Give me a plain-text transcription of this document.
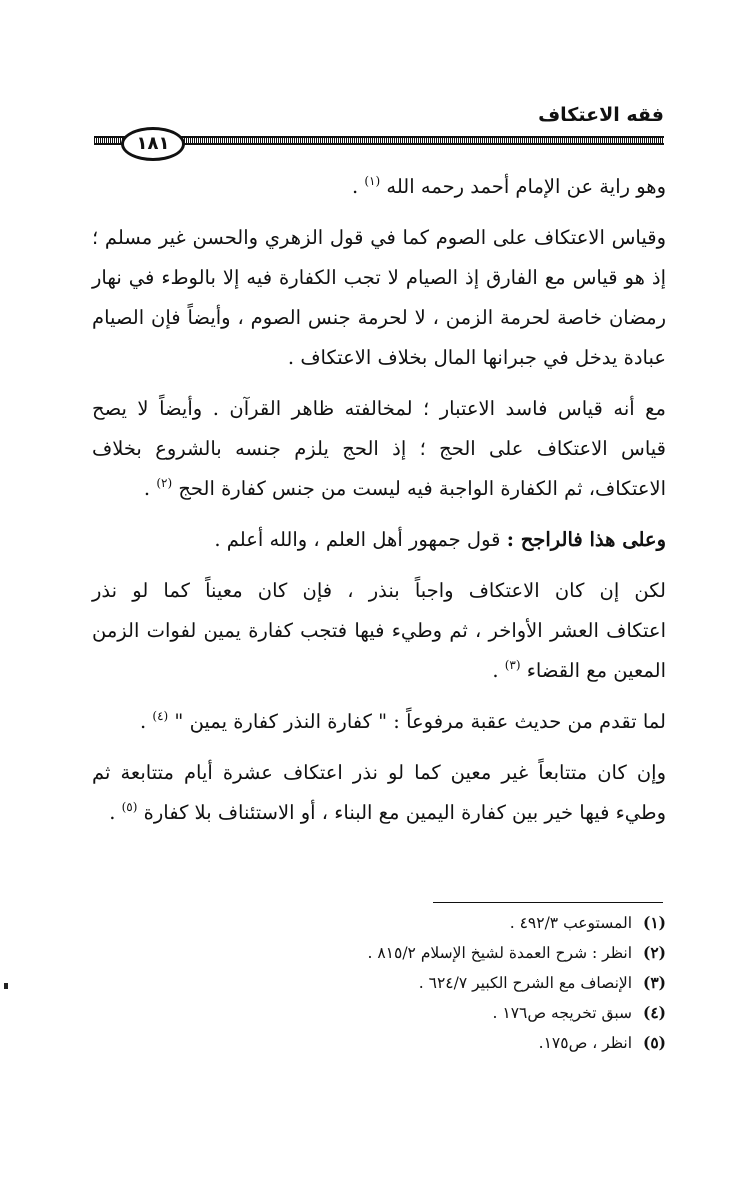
فقه الاعتكاف
١٨١
وهو راية عن الإمام أحمد رحمه الله $^{(١)}$ .
وقياس الاعتكاف على الصوم كما في قول الزهري والحسن غير مسلم ؛
إذ هو قياس مع الفارق إذ الصيام لا تجب الكفارة فيه إلا بالوطء في نهار
رمضان خاصة لحرمة الزمن ، لا لحرمة جنس الصوم ، وأيضاً فإن الصيام
عبادة يدخل في جبرانها المال بخلاف الاعتكاف .
مع أنه قياس فاسد الاعتبار ؛ لمخالفته ظاهر القرآن . وأيضاً لا يصح
قياس الاعتكاف على الحج ؛ إذ الحج يلزم جنسه بالشروع بخلاف
الاعتكاف، ثم الكفارة الواجبة فيه ليست من جنس كفارة الحج $^{(٢)}$ .
وعلى هذا فالراجح : قول جمهور أهل العلم ، والله أعلم .
لكن إن كان الاعتكاف واجباً بنذر ، فإن كان معيناً كما لو نذر
اعتكاف العشر الأواخر ، ثم وطيء فيها فتجب كفارة يمين لفوات الزمن
المعين مع القضاء $^{(٣)}$ .
لما تقدم من حديث عقبة مرفوعاً : " كفارة النذر كفارة يمين " $^{(٤)}$ .
وإن كان متتابعاً غير معين كما لو نذر اعتكاف عشرة أيام متتابعة ثم
وطيء فيها خير بين كفارة اليمين مع البناء ، أو الاستئناف بلا كفارة $^{(٥)}$ .
(١) المستوعب ٤٩٢/٣ .
(٢) انظر : شرح العمدة لشيخ الإسلام ٨١٥/٢ .
(٣) الإنصاف مع الشرح الكبير ٦٢٤/٧ .
(٤) سبق تخريجه ص١٧٦ .
(٥) انظر ، ص١٧٥.
